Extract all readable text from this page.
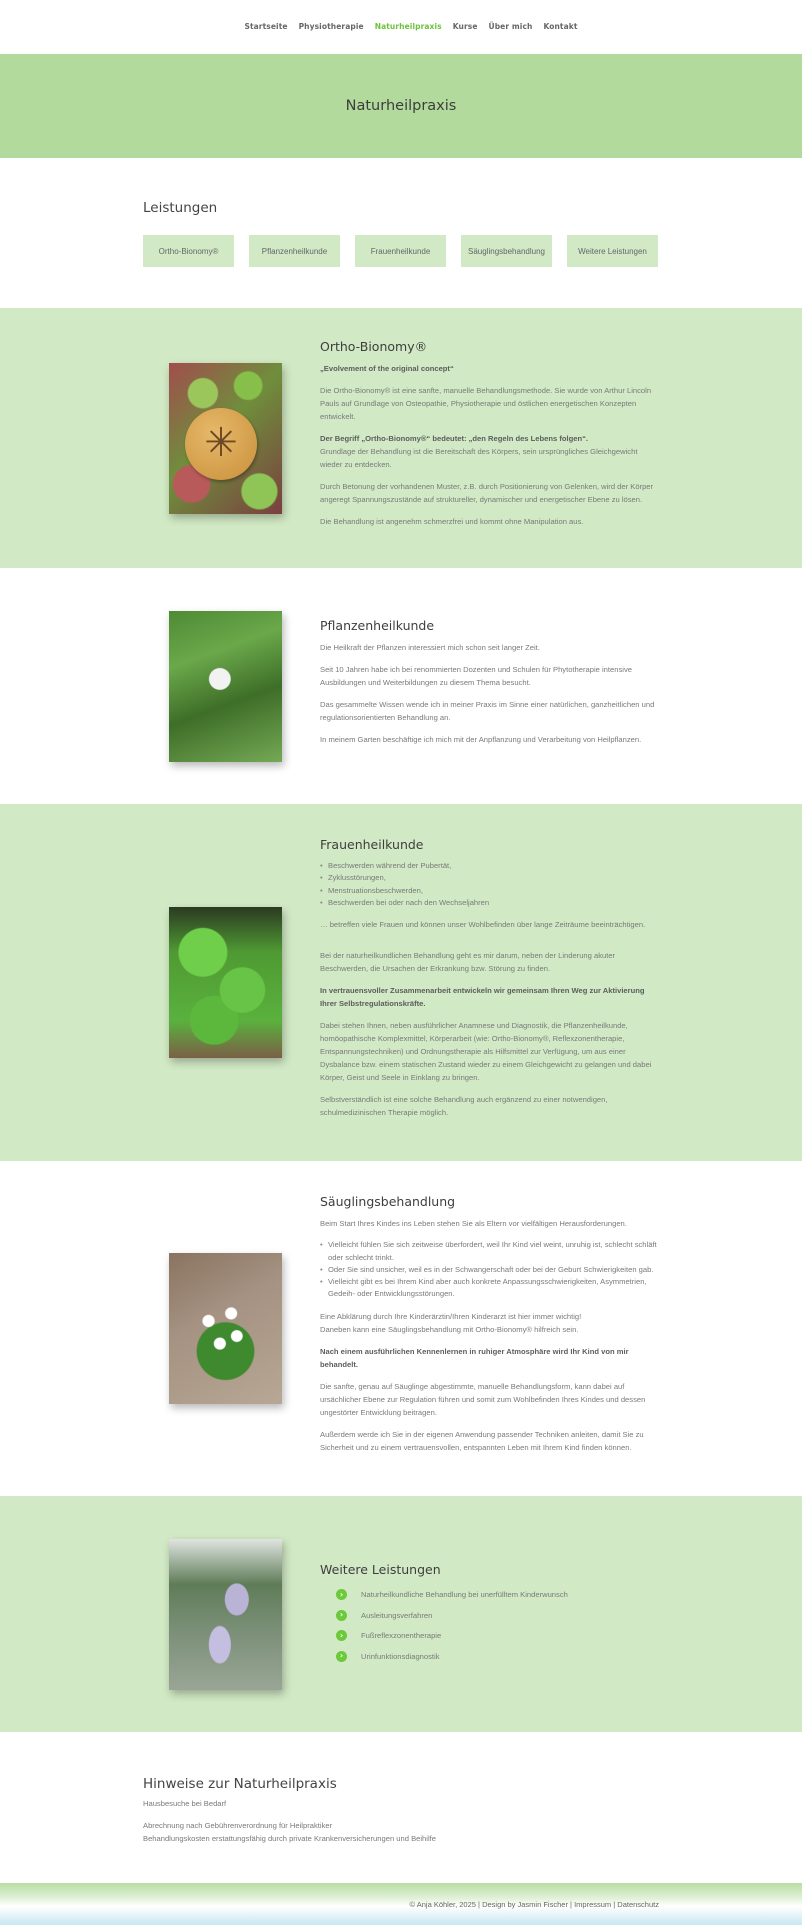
Startseite Physiotherapie Naturheilpraxis Kurse Über mich Kontakt
Naturheilpraxis
Leistungen
Ortho-Bionomy®	Pflanzenheilkunde	Frauenheilkunde	Säuglingsbehandlung	Weitere Leistungen
✳
Ortho-Bionomy®

„Evolvement of the original concept“

Die Ortho-Bionomy® ist eine sanfte, manuelle Behandlungsmethode. Sie wurde von Arthur Lincoln Pauls auf Grundlage von Osteopathie, Physiotherapie und östlichen energetischen Konzepten entwickelt.

Der Begriff „Ortho-Bionomy®“ bedeutet: „den Regeln des Lebens folgen“.

Grundlage der Behandlung ist die Bereitschaft des Körpers, sein ursprüngliches Gleichgewicht wieder zu entdecken.

Durch Betonung der vorhandenen Muster, z.B. durch Positionierung von Gelenken, wird der Körper angeregt Spannungszustände auf struktureller, dynamischer und energetischer Ebene zu lösen.

Die Behandlung ist angenehm schmerzfrei und kommt ohne Manipulation aus.

Pflanzenheilkunde

Die Heilkraft der Pflanzen interessiert mich schon seit langer Zeit.

Seit 10 Jahren habe ich bei renommierten Dozenten und Schulen für Phytotherapie intensive Ausbildungen und Weiterbildungen zu diesem Thema besucht.

Das gesammelte Wissen wende ich in meiner Praxis im Sinne einer natürlichen, ganzheitlichen und regulationsorientierten Behandlung an.

In meinem Garten beschäftige ich mich mit der Anpflanzung und Verarbeitung von Heilpflanzen.

Frauenheilkunde
• Beschwerden während der Pubertät,
• Zyklusstörungen,
• Menstruationsbeschwerden,
• Beschwerden bei oder nach den Wechseljahren

… betreffen viele Frauen und können unser Wohlbefinden über lange Zeiträume beeinträchtigen.

Bei der naturheilkundlichen Behandlung geht es mir darum, neben der Linderung akuter Beschwerden, die Ursachen der Erkrankung bzw. Störung zu finden.

In vertrauensvoller Zusammenarbeit entwickeln wir gemeinsam Ihren Weg zur Aktivierung Ihrer Selbstregulationskräfte.

Dabei stehen Ihnen, neben ausführlicher Anamnese und Diagnostik, die Pflanzenheilkunde, homöopathische Komplexmittel, Körperarbeit (wie: Ortho-Bionomy®, Reflexzonentherapie, Entspannungstechniken) und Ordnungstherapie als Hilfsmittel zur Verfügung, um aus einer Dysbalance bzw. einem statischen Zustand wieder zu einem Gleichgewicht zu gelangen und dabei Körper, Geist und Seele in Einklang zu bringen.

Selbstverständlich ist eine solche Behandlung auch ergänzend zu einer notwendigen, schulmedizinischen Therapie möglich.

Säuglingsbehandlung

Beim Start Ihres Kindes ins Leben stehen Sie als Eltern vor vielfältigen Herausforderungen.

• Vielleicht fühlen Sie sich zeitweise überfordert, weil Ihr Kind viel weint, unruhig ist, schlecht schläft oder schlecht trinkt.
• Oder Sie sind unsicher, weil es in der Schwangerschaft oder bei der Geburt Schwierigkeiten gab.
• Vielleicht gibt es bei Ihrem Kind aber auch konkrete Anpassungsschwierigkeiten, Asymmetrien, Gedeih- oder Entwicklungsstörungen.

Eine Abklärung durch Ihre Kinderärztin/Ihren Kinderarzt ist hier immer wichtig!

Daneben kann eine Säuglingsbehandlung mit Ortho-Bionomy® hilfreich sein.

Nach einem ausführlichen Kennenlernen in ruhiger Atmosphäre wird Ihr Kind von mir behandelt.

Die sanfte, genau auf Säuglinge abgestimmte, manuelle Behandlungsform, kann dabei auf ursächlicher Ebene zur Regulation führen und somit zum Wohlbefinden Ihres Kindes und dessen ungestörter Entwicklung beitragen.

Außerdem werde ich Sie in der eigenen Anwendung passender Techniken anleiten, damit Sie zu Sicherheit und zu einem vertrauensvollen, entspannten Leben mit Ihrem Kind finden können.

Weitere Leistungen
›	Naturheilkundliche Behandlung bei unerfülltem Kinderwunsch
›	Ausleitungsverfahren
›	Fußreflexzonentherapie
›	Urinfunktionsdiagnostik
Hinweise zur Naturheilpraxis

Hausbesuche bei Bedarf

Abrechnung nach Gebührenverordnung für Heilpraktiker

Behandlungskosten erstattungsfähig durch private Krankenversicherungen und Beihilfe

© Anja Köhler, 2025 | Design by Jasmin Fischer | Impressum | Datenschutz
